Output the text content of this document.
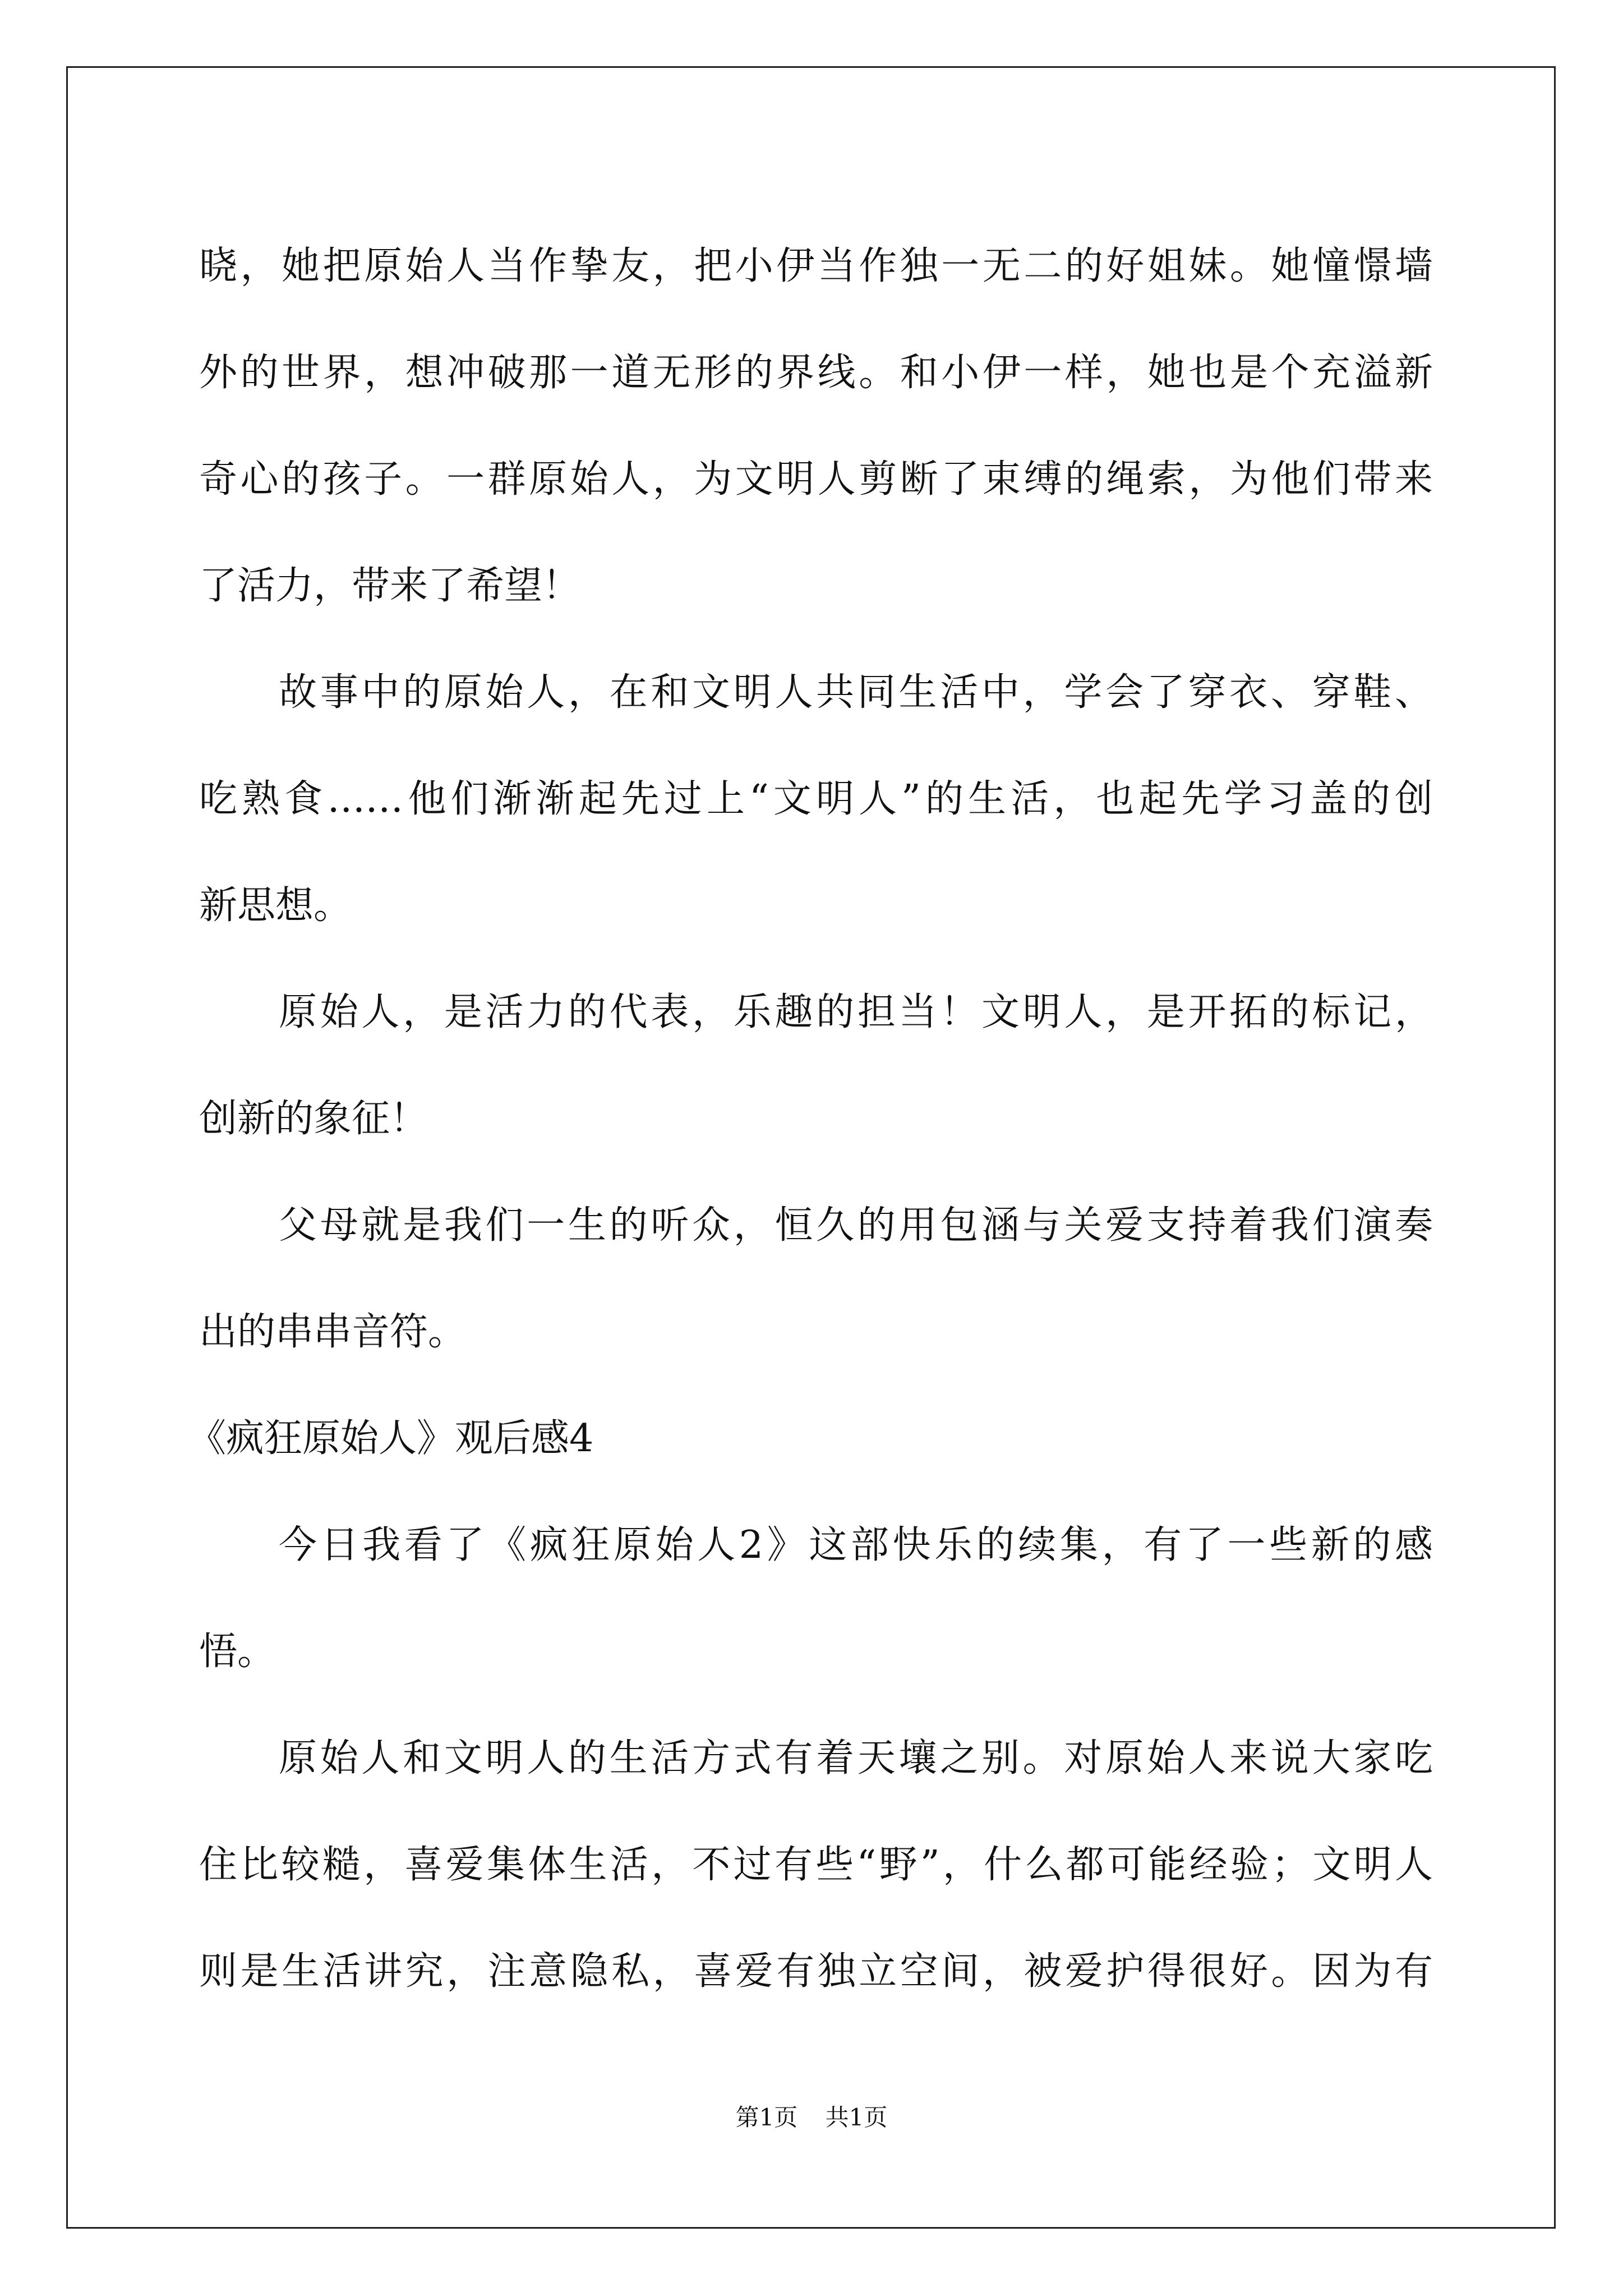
晓，她把原始人当作挚友，把小伊当作独一无二的好姐妹。她憧憬墙
外的世界，想冲破那一道无形的界线。和小伊一样，她也是个充溢新
奇心的孩子。一群原始人，为文明人剪断了束缚的绳索，为他们带来
了活力，带来了希望！
故事中的原始人，在和文明人共同生活中，学会了穿衣、穿鞋、
吃熟食……他们渐渐起先过上“文明人”的生活，也起先学习盖的创
新思想。
原始人，是活力的代表，乐趣的担当！文明人，是开拓的标记，
创新的象征！
父母就是我们一生的听众，恒久的用包涵与关爱支持着我们演奏
出的串串音符。
《疯狂原始人》观后感4
今日我看了《疯狂原始人2》这部快乐的续集，有了一些新的感
悟。
原始人和文明人的生活方式有着天壤之别。对原始人来说大家吃
住比较糙，喜爱集体生活，不过有些“野”，什么都可能经验；文明人
则是生活讲究，注意隐私，喜爱有独立空间，被爱护得很好。因为有
第1页 共1页
